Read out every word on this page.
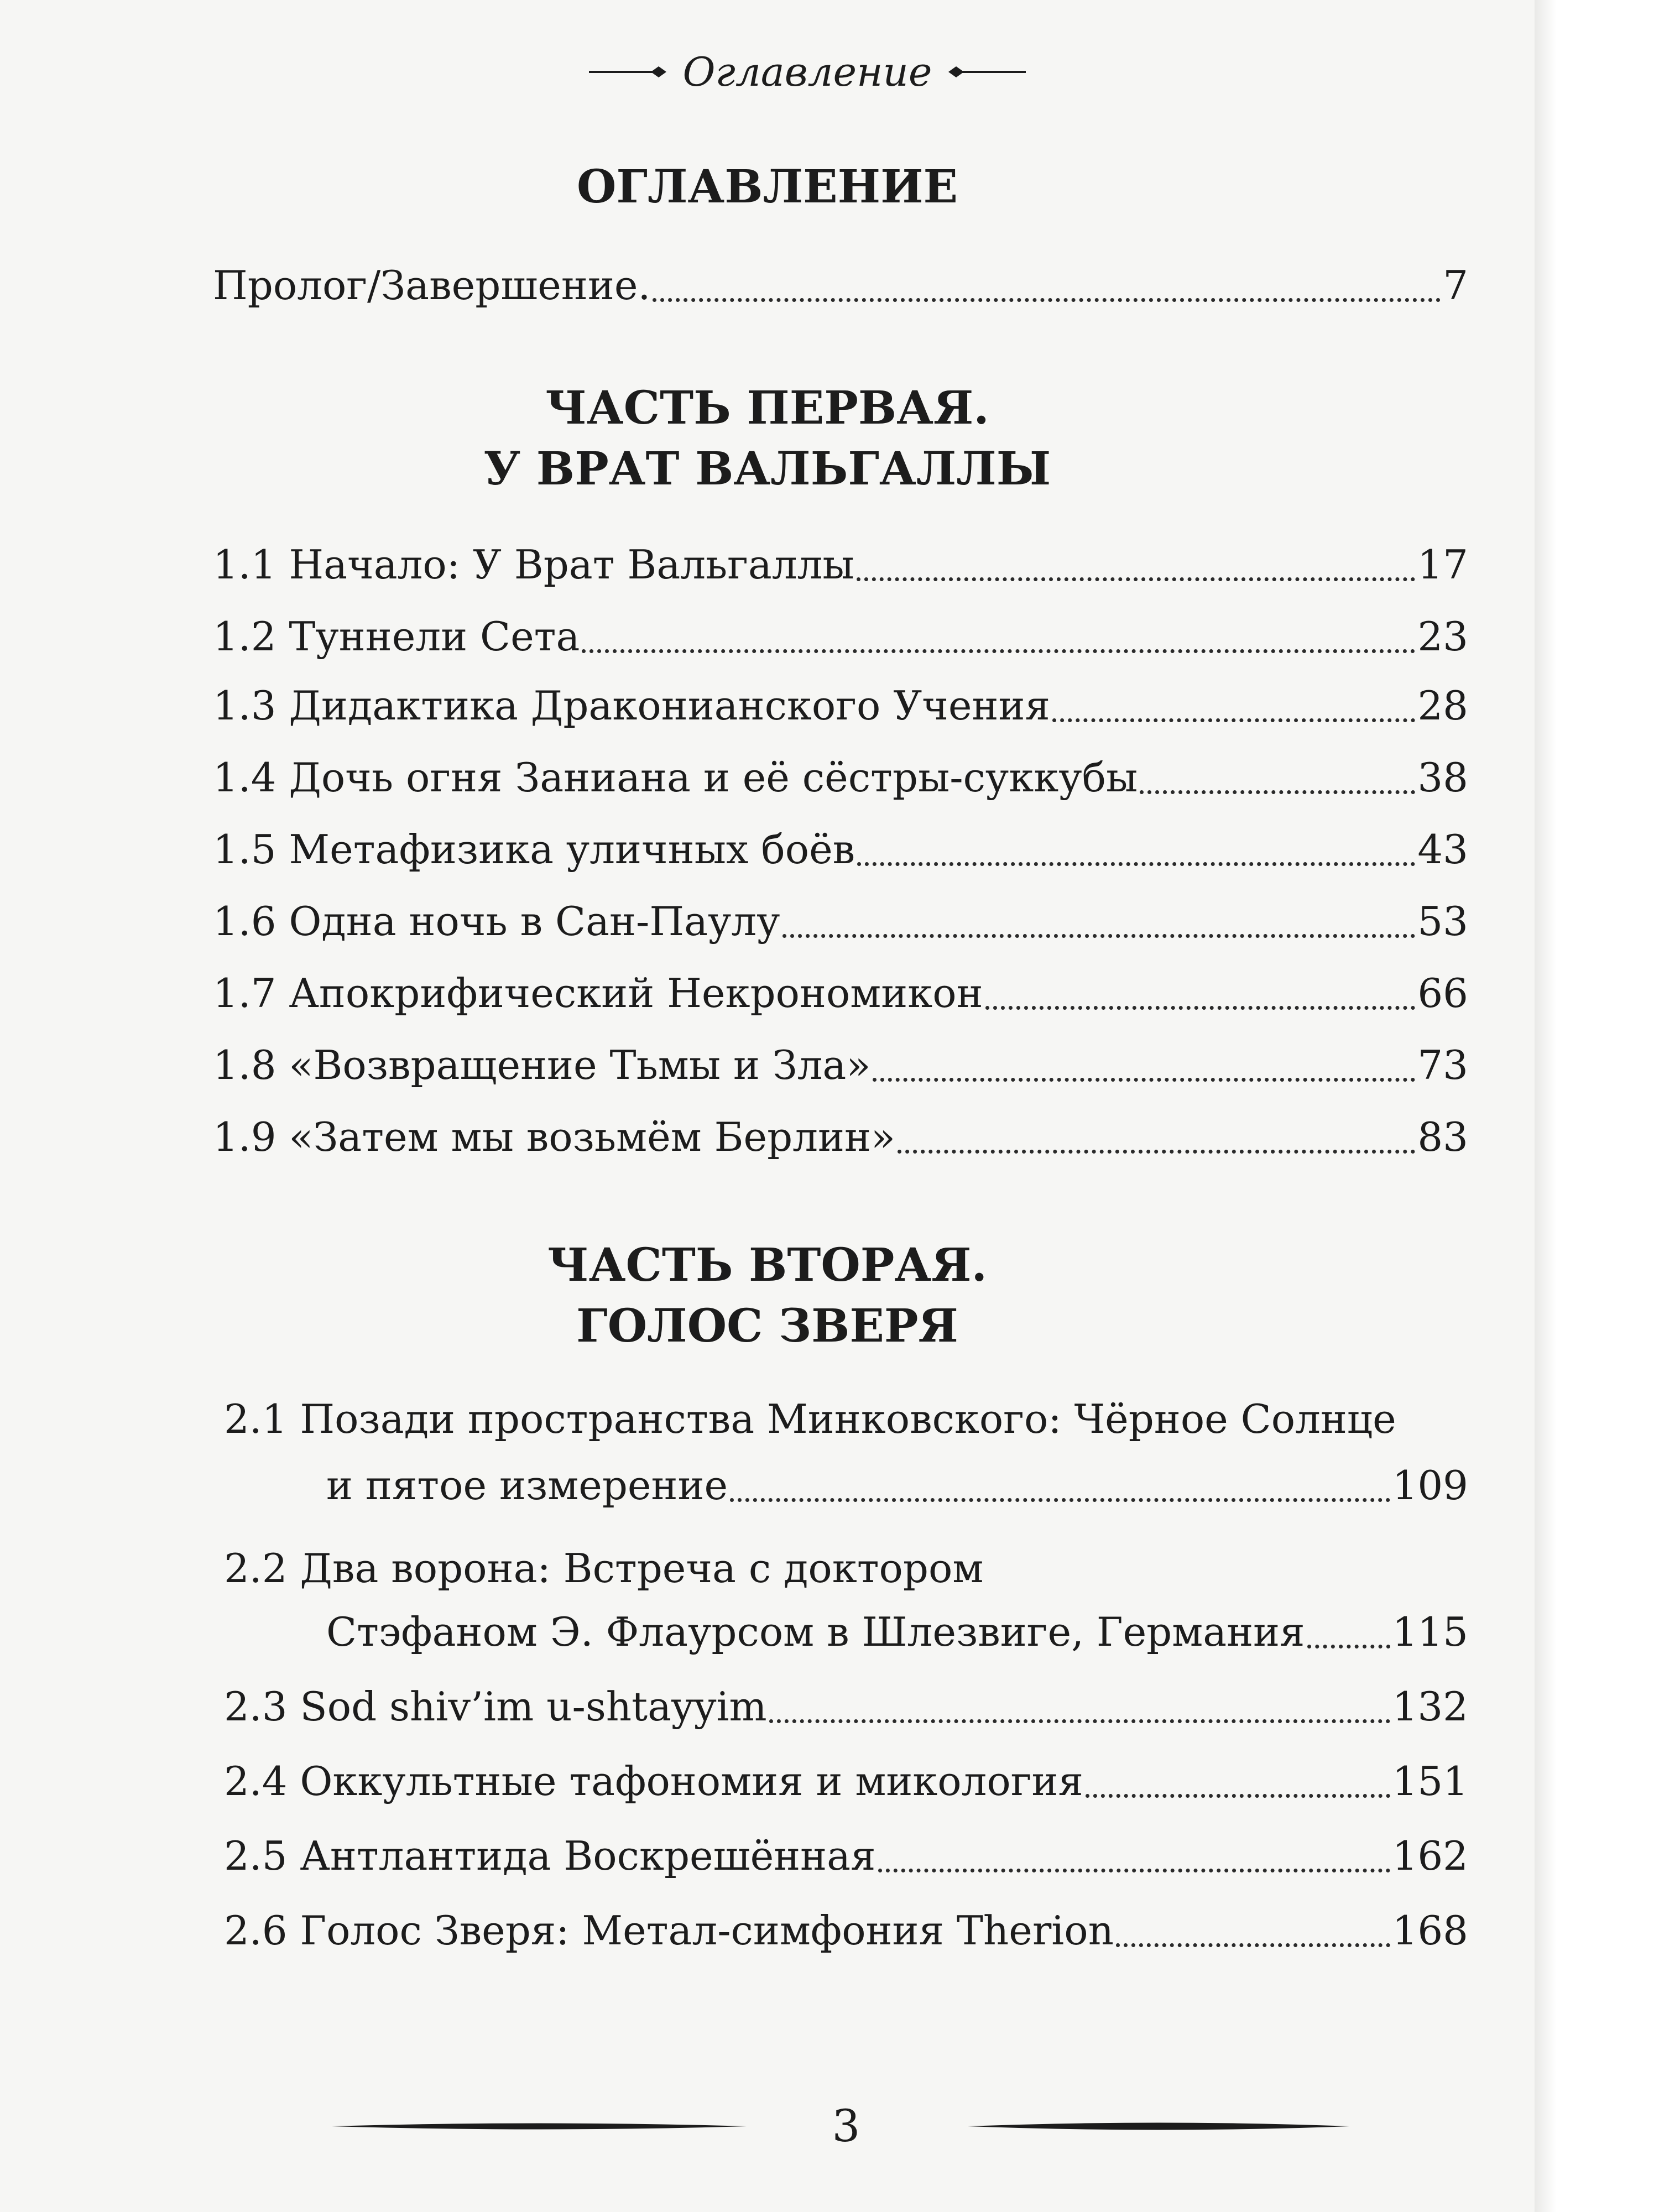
Оглавление
ОГЛАВЛЕНИЕ
Пролог/Завершение.	7
ЧАСТЬ ПЕРВАЯ.
У ВРАТ ВАЛЬГАЛЛЫ
1.1 Начало: У Врат Вальгаллы	17
1.2 Туннели Сета	23
1.3 Дидактика Драконианского Учения	28
1.4 Дочь огня Заниана и её сёстры-суккубы	38
1.5 Метафизика уличных боёв	43
1.6 Одна ночь в Сан-Паулу	53
1.7 Апокрифический Некрономикон	66
1.8 «Возвращение Тьмы и Зла»	73
1.9 «Затем мы возьмём Берлин»	83
ЧАСТЬ ВТОРАЯ.
ГОЛОС ЗВЕРЯ
2.1 Позади пространства Минковского: Чёрное Солнце
и пятое измерение	109
2.2 Два ворона: Встреча с доктором
Стэфаном Э. Флаурсом в Шлезвиге, Германия 115
2.3 Sod shiv’im u-shtayyim	132
2.4 Оккультные тафономия и микология	151
2.5 Антлантида Воскрешённая	162
2.6 Голос Зверя: Метал-симфония Therion	168
3
